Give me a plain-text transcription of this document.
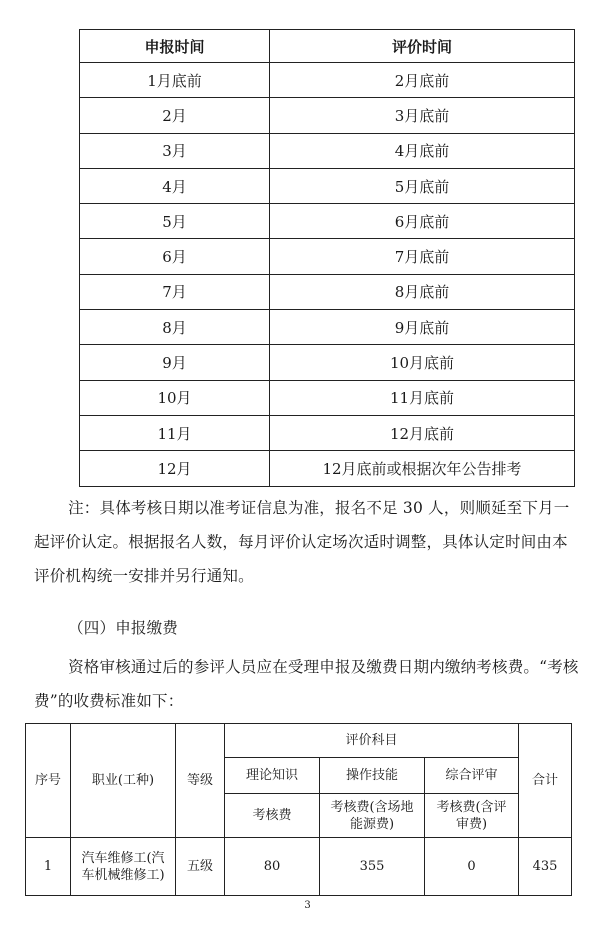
申报时间	评价时间
1月底前	2月底前
2月	3月底前
3月	4月底前
4月	5月底前
5月	6月底前
6月	7月底前
7月	8月底前
8月	9月底前
9月	10月底前
10月	11月底前
11月	12月底前
12月	12月底前或根据次年公告排考
注：具体考核日期以准考证信息为准，报名不足 30 人，则顺延至下月一起评价认定。根据报名人数，每月评价认定场次适时调整，具体认定时间由本评价机构统一安排并另行通知。
（四）申报缴费
资格审核通过后的参评人员应在受理申报及缴费日期内缴纳考核费。“考核费”的收费标准如下：
序号	职业(工种)	等级	评价科目			合计
			理论知识	操作技能	综合评审	
			考核费	考核费(含场地能源费)	考核费(含评审费)	
1	汽车维修工(汽车机械维修工)	五级	80	355	0	435
3
